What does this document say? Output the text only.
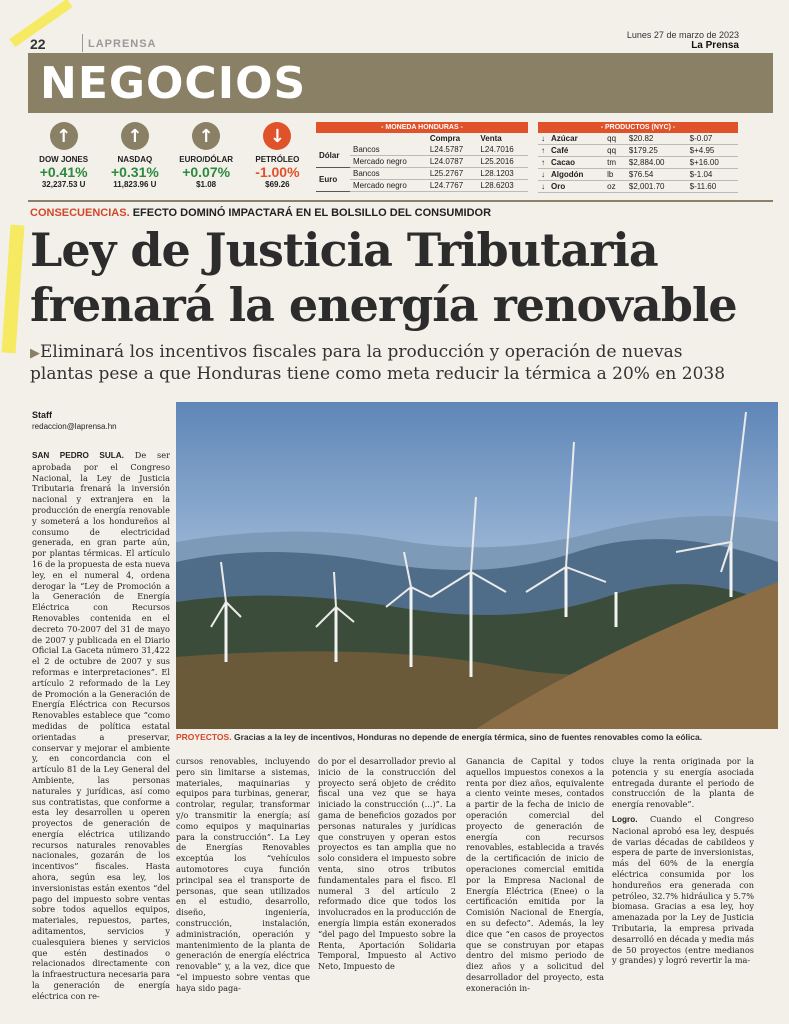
22	LAPRENSA
Lunes 27 de marzo de 2023
La Prensa
NEGOCIOS
↑
DOW JONES
+0.41%
32,237.53 U
↑
NASDAQ
+0.31%
11,823.96 U
↑
EURO/DÓLAR
+0.07%
$1.08
↓
PETRÓLEO
-1.00%
$69.26
- MONEDA HONDURAS -
		Compra	Venta
Dólar	Bancos	L24.5787	L24.7016
	Mercado negro	L24.0787	L25.2016
Euro	Bancos	L25.2767	L28.1203
	Mercado negro	L24.7767	L28.6203
- PRODUCTOS (NYC) -
↓	Azúcar	qq	$20.82	$-0.07
↑	Café	qq	$179.25	$+4.95
↑	Cacao	tm	$2,884.00	$+16.00
↓	Algodón	lb	$76.54	$-1.04
↓	Oro	oz	$2,001.70	$-11.60
CONSECUENCIAS. EFECTO DOMINÓ IMPACTARÁ EN EL BOLSILLO DEL CONSUMIDOR
Ley de Justicia Tributaria
frenará la energía renovable
▶Eliminará los incentivos fiscales para la producción y operación de nuevas plantas pese a que Honduras tiene como meta reducir la térmica a 20% en 2038
Staff
redaccion@laprensa.hn
PROYECTOS. Gracias a la ley de incentivos, Honduras no depende de energía térmica, sino de fuentes renovables como la eólica.

SAN PEDRO SULA. De ser aprobada por el Congreso Nacional, la Ley de Justicia Tributaria frenará la inversión nacional y extranjera en la producción de energía renovable y someterá a los hondureños al consumo de electricidad generada, en gran parte aún, por plantas térmicas. El artículo 16 de la propuesta de esta nueva ley, en el numeral 4, ordena derogar la “Ley de Promoción a la Generación de Energía Eléctrica con Recursos Renovables contenida en el decreto 70-2007 del 31 de mayo de 2007 y publicada en el Diario Oficial La Gaceta número 31,422 el 2 de octubre de 2007 y sus reformas e interpretaciones”. El artículo 2 reformado de la Ley de Promoción a la Generación de Energía Eléctrica con Recursos Renovables establece que “como medidas de política estatal orientadas a preservar, conservar y mejorar el ambiente y, en concordancia con el artículo 81 de la Ley General del Ambiente, las personas naturales y jurídicas, así como sus contratistas, que conforme a esta ley desarrollen u operen proyectos de generación de energía eléctrica utilizando recursos naturales renovables nacionales, gozarán de los incentivos” fiscales. Hasta ahora, según esa ley, los inversionistas están exentos “del pago del impuesto sobre ventas sobre todos aquellos equipos, materiales, repuestos, partes, aditamentos, servicios y cualesquiera bienes y servicios que estén destinados o relacionados directamente con la infraestructura necesaria para la generación de energía eléctrica con re-

cursos renovables, incluyendo pero sin limitarse a sistemas, materiales, maquinarias y equipos para turbinas, generar, controlar, regular, transformar y/o transmitir la energía; así como equipos y maquinarias para la construcción”. La Ley de Energías Renovables exceptúa los “vehículos automotores cuya función principal sea el transporte de personas, que sean utilizados en el estudio, desarrollo, diseño, ingeniería, construcción, instalación, administración, operación y mantenimiento de la planta de generación de energía eléctrica renovable” y, a la vez, dice que “el impuesto sobre ventas que haya sido paga-

do por el desarrollador previo al inicio de la construcción del proyecto será objeto de crédito fiscal una vez que se haya iniciado la construcción (...)”. La gama de beneficios gozados por personas naturales y jurídicas que construyen y operan estos proyectos es tan amplia que no solo considera el impuesto sobre venta, sino otros tributos fundamentales para el fisco. El numeral 3 del artículo 2 reformado dice que todos los involucrados en la producción de energía limpia están exonerados “del pago del Impuesto sobre la Renta, Aportación Solidaria Temporal, Impuesto al Activo Neto, Impuesto de

Ganancia de Capital y todos aquellos impuestos conexos a la renta por diez años, equivalente a ciento veinte meses, contados a partir de la fecha de inicio de operación comercial del proyecto de generación de energía con recursos renovables, establecida a través de la certificación de inicio de operaciones comercial emitida por la Empresa Nacional de Energía Eléctrica (Enee) o la certificación emitida por la Comisión Nacional de Energía, en su defecto”. Además, la ley dice que “en casos de proyectos que se construyan por etapas dentro del mismo periodo de diez años y a solicitud del desarrollador del proyecto, esta exoneración in-

cluye la renta originada por la potencia y su energía asociada entregada durante el periodo de construcción de la planta de energía renovable”.

Logro. Cuando el Congreso Nacional aprobó esa ley, después de varias décadas de cabildeos y espera de parte de inversionistas, más del 60% de la energía eléctrica consumida por los hondureños era generada con petróleo, 32.7% hidráulica y 5.7% biomasa. Gracias a esa ley, hoy amenazada por la Ley de Justicia Tributaria, la empresa privada desarrolló en década y media más de 50 proyectos (entre medianos y grandes) y logró revertir la ma-
